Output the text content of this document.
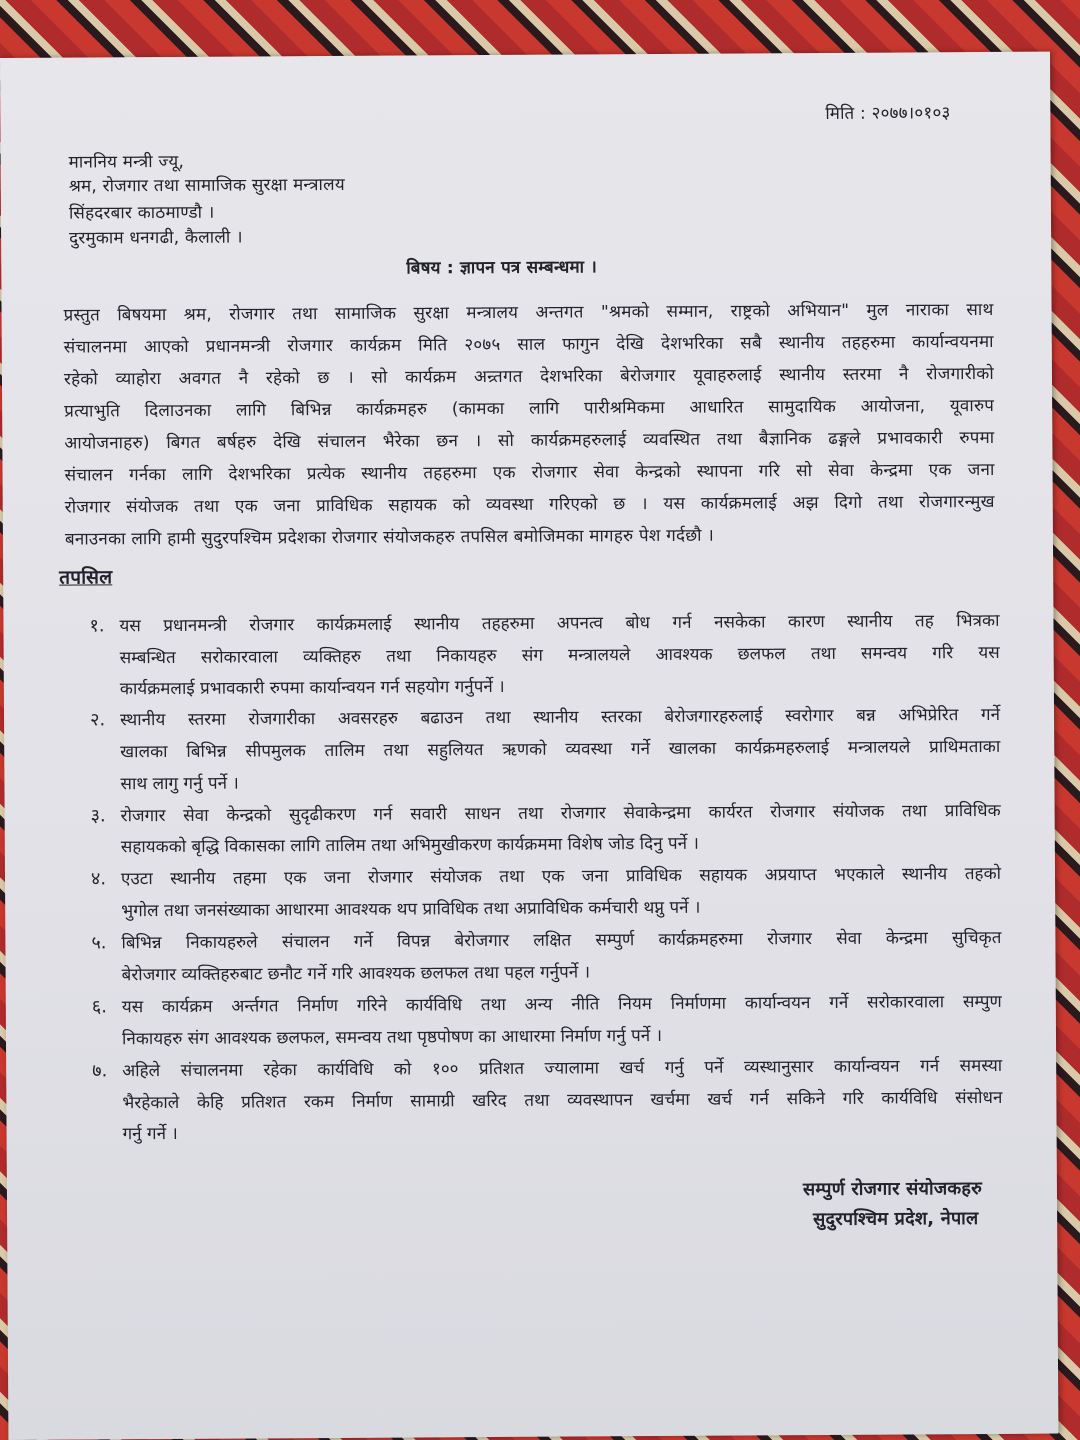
मिति : २०७७।०१०३
माननिय मन्त्री ज्यू,
श्रम, रोजगार तथा सामाजिक सुरक्षा मन्त्रालय
सिंहदरबार काठमाण्डौ ।
दुरमुकाम धनगढी, कैलाली ।
बिषय : ज्ञापन पत्र सम्बन्धमा ।
प्रस्तुत बिषयमा श्रम, रोजगार तथा सामाजिक सुरक्षा मन्त्रालय अन्तगत "श्रमको सम्मान, राष्ट्रको अभियान" मुल नाराका साथ
संचालनमा आएको प्रधानमन्त्री रोजगार कार्यक्रम मिति २०७५ साल फागुन देखि देशभरिका सबै स्थानीय तहहरुमा कार्यान्वयनमा
रहेको व्याहोरा अवगत नै रहेको छ । सो कार्यक्रम अन्र्तगत देशभरिका बेरोजगार यूवाहरुलाई स्थानीय स्तरमा नै रोजगारीको
प्रत्याभुति दिलाउनका लागि बिभिन्न कार्यक्रमहरु (कामका लागि पारीश्रमिकमा आधारित सामुदायिक आयोजना, यूवारुप
आयोजनाहरु) बिगत बर्षहरु देखि संचालन भैरेका छन । सो कार्यक्रमहरुलाई व्यवस्थित तथा बैज्ञानिक ढङ्गले प्रभावकारी रुपमा
संचालन गर्नका लागि देशभरिका प्रत्येक स्थानीय तहहरुमा एक रोजगार सेवा केन्द्रको स्थापना गरि सो सेवा केन्द्रमा एक जना
रोजगार संयोजक तथा एक जना प्राविधिक सहायक को व्यवस्था गरिएको छ । यस कार्यक्रमलाई अझ दिगो तथा रोजगारन्मुख
बनाउनका लागि हामी सुदुरपश्चिम प्रदेशका रोजगार संयोजकहरु तपसिल बमोजिमका मागहरु पेश गर्दछौ ।
तपसिल
१. यस प्रधानमन्त्री रोजगार कार्यक्रमलाई स्थानीय तहहरुमा अपनत्व बोध गर्न नसकेका कारण स्थानीय तह भित्रका
सम्बन्धित सरोकारवाला व्यक्तिहरु तथा निकायहरु संग मन्त्रालयले आवश्यक छलफल तथा समन्वय गरि यस
कार्यक्रमलाई प्रभावकारी रुपमा कार्यान्वयन गर्न सहयोग गर्नुपर्ने ।
२. स्थानीय स्तरमा रोजगारीका अवसरहरु बढाउन तथा स्थानीय स्तरका बेरोजगारहरुलाई स्वरोगार बन्न अभिप्रेरित गर्ने
खालका बिभिन्न सीपमुलक तालिम तथा सहुलियत ऋणको व्यवस्था गर्ने खालका कार्यक्रमहरुलाई मन्त्रालयले प्राथिमताका
साथ लागु गर्नु पर्ने ।
३. रोजगार सेवा केन्द्रको सुदृढीकरण गर्न सवारी साधन तथा रोजगार सेवाकेन्द्रमा कार्यरत रोजगार संयोजक तथा प्राविधिक
सहायकको बृद्धि विकासका लागि तालिम तथा अभिमुखीकरण कार्यक्रममा विशेष जोड दिनु पर्ने ।
४. एउटा स्थानीय तहमा एक जना रोजगार संयोजक तथा एक जना प्राविधिक सहायक अप्रयाप्त भएकाले स्थानीय तहको
भुगोल तथा जनसंख्याका आधारमा आवश्यक थप प्राविधिक तथा अप्राविधिक कर्मचारी थप्नु पर्ने ।
५. बिभिन्न निकायहरुले संचालन गर्ने विपन्न बेरोजगार लक्षित सम्पुर्ण कार्यक्रमहरुमा रोजगार सेवा केन्द्रमा सुचिकृत
बेरोजगार व्यक्तिहरुबाट छनौट गर्ने गरि आवश्यक छलफल तथा पहल गर्नुपर्ने ।
६. यस कार्यक्रम अर्न्तगत निर्माण गरिने कार्यविधि तथा अन्य नीति नियम निर्माणमा कार्यान्वयन गर्ने सरोकारवाला सम्पुण
निकायहरु संग आवश्यक छलफल, समन्वय तथा पृष्ठपोषण का आधारमा निर्माण गर्नु पर्ने ।
७. अहिले संचालनमा रहेका कार्यविधि को १०० प्रतिशत ज्यालामा खर्च गर्नु पर्ने व्यस्थानुसार कार्यान्वयन गर्न समस्या
भैरहेकाले केहि प्रतिशत रकम निर्माण सामाग्री खरिद तथा व्यवस्थापन खर्चमा खर्च गर्न सकिने गरि कार्यविधि संसोधन
गर्नु गर्ने ।
सम्पुर्ण रोजगार संयोजकहरु
सुदुरपश्चिम प्रदेश, नेपाल
